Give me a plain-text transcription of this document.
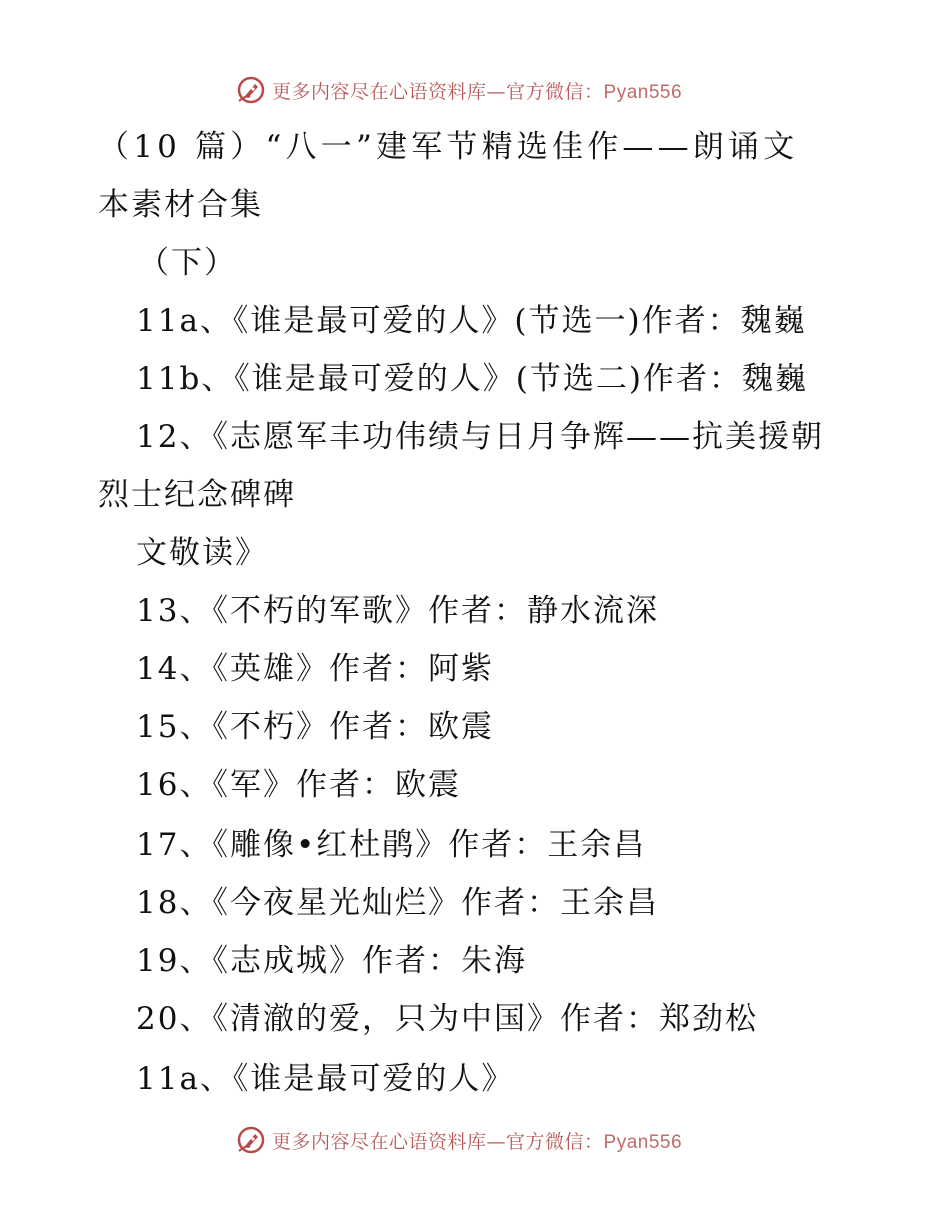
更多内容尽在心语资料库—官方微信：Pyan556
（10 篇）“八一”建军节精选佳作——朗诵文
本素材合集
（下）
11a、《谁是最可爱的人》(节选一)作者：魏巍
11b、《谁是最可爱的人》(节选二)作者：魏巍
12、《志愿军丰功伟绩与日月争辉——抗美援朝
烈士纪念碑碑
文敬读》
13、《不朽的军歌》作者：静水流深
14、《英雄》作者：阿紫
15、《不朽》作者：欧震
16、《军》作者：欧震
17、《雕像•红杜鹃》作者：王余昌
18、《今夜星光灿烂》作者：王余昌
19、《志成城》作者：朱海
20、《清澈的爱，只为中国》作者：郑劲松
11a、《谁是最可爱的人》
更多内容尽在心语资料库—官方微信：Pyan556
